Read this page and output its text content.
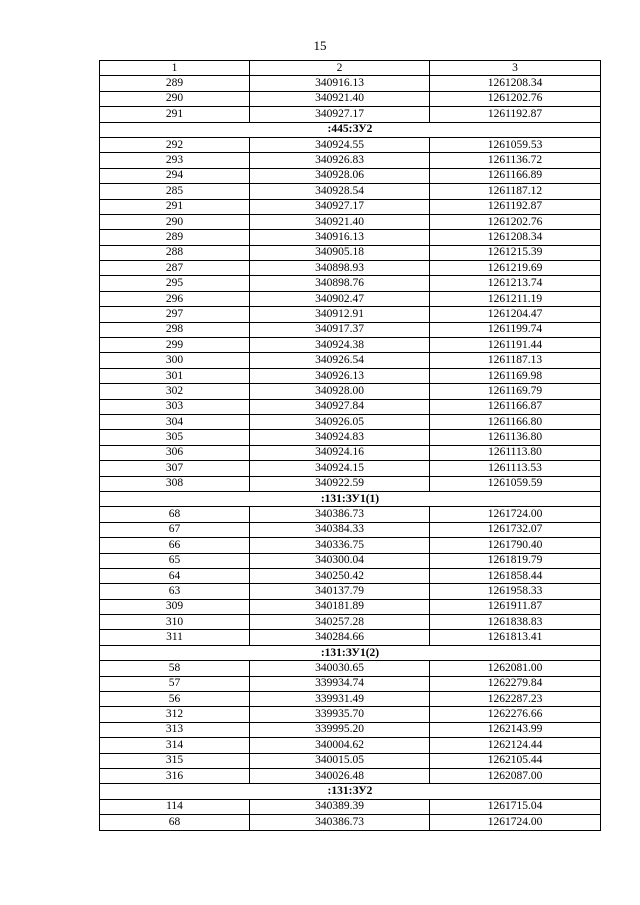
15
1	2	3
289	340916.13	1261208.34
290	340921.40	1261202.76
291	340927.17	1261192.87
:445:ЗУ2		
292	340924.55	1261059.53
293	340926.83	1261136.72
294	340928.06	1261166.89
285	340928.54	1261187.12
291	340927.17	1261192.87
290	340921.40	1261202.76
289	340916.13	1261208.34
288	340905.18	1261215.39
287	340898.93	1261219.69
295	340898.76	1261213.74
296	340902.47	1261211.19
297	340912.91	1261204.47
298	340917.37	1261199.74
299	340924.38	1261191.44
300	340926.54	1261187.13
301	340926.13	1261169.98
302	340928.00	1261169.79
303	340927.84	1261166.87
304	340926.05	1261166.80
305	340924.83	1261136.80
306	340924.16	1261113.80
307	340924.15	1261113.53
308	340922.59	1261059.59
:131:ЗУ1(1)		
68	340386.73	1261724.00
67	340384.33	1261732.07
66	340336.75	1261790.40
65	340300.04	1261819.79
64	340250.42	1261858.44
63	340137.79	1261958.33
309	340181.89	1261911.87
310	340257.28	1261838.83
311	340284.66	1261813.41
:131:ЗУ1(2)		
58	340030.65	1262081.00
57	339934.74	1262279.84
56	339931.49	1262287.23
312	339935.70	1262276.66
313	339995.20	1262143.99
314	340004.62	1262124.44
315	340015.05	1262105.44
316	340026.48	1262087.00
:131:ЗУ2		
114	340389.39	1261715.04
68	340386.73	1261724.00
